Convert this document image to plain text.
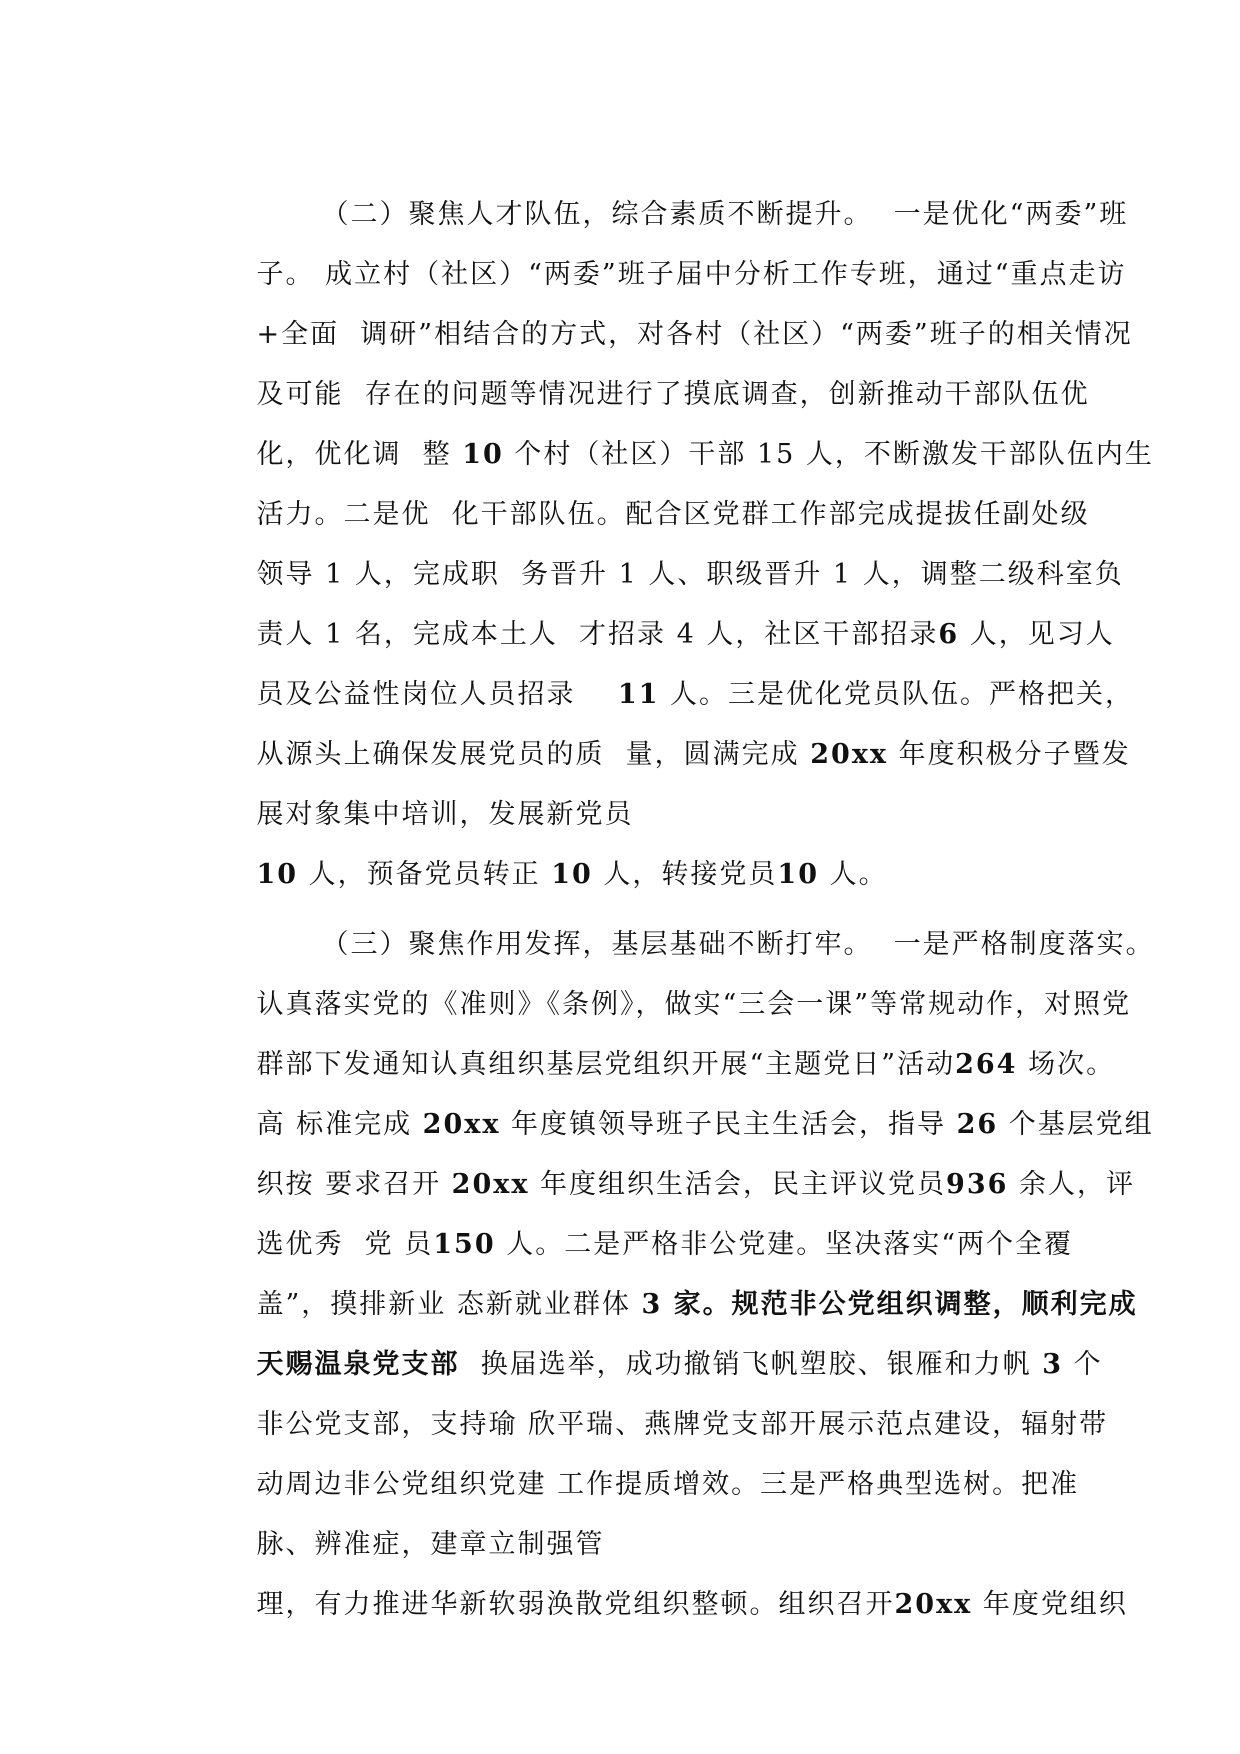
（二）聚焦人才队伍，综合素质不断提升。  一是优化“两委”班

子。 成立村（社区）“两委”班子届中分析工作专班，通过“重点走访

+全面  调研”相结合的方式，对各村（社区）“两委”班子的相关情况

及可能  存在的问题等情况进行了摸底调查，创新推动干部队伍优

化，优化调  整 10 个村（社区）干部 15 人，不断激发干部队伍内生

活力。二是优  化干部队伍。配合区党群工作部完成提拔任副处级

领导 1 人，完成职  务晋升 1 人、职级晋升 1 人，调整二级科室负

责人 1 名，完成本土人  才招录 4 人，社区干部招录6 人，见习人

员及公益性岗位人员招录    11 人。三是优化党员队伍。严格把关，

从源头上确保发展党员的质  量，圆满完成 20xx 年度积极分子暨发

展对象集中培训，发展新党员

10 人，预备党员转正 10 人，转接党员10 人。

（三）聚焦作用发挥，基层基础不断打牢。  一是严格制度落实。

认真落实党的《准则》《条例》，做实“三会一课”等常规动作，对照党

群部下发通知认真组织基层党组织开展“主题党日”活动264 场次。

高 标准完成 20xx 年度镇领导班子民主生活会，指导 26 个基层党组

织按 要求召开 20xx 年度组织生活会，民主评议党员936 余人，评

选优秀  党 员150 人。二是严格非公党建。坚决落实“两个全覆

盖”，摸排新业 态新就业群体 3 家。规范非公党组织调整，顺利完成

天赐温泉党支部  换届选举，成功撤销飞帆塑胶、银雁和力帆 3 个

非公党支部，支持瑜 欣平瑞、燕牌党支部开展示范点建设，辐射带

动周边非公党组织党建 工作提质增效。三是严格典型选树。把准

脉、辨准症，建章立制强管

理，有力推进华新软弱涣散党组织整顿。组织召开20xx 年度党组织
